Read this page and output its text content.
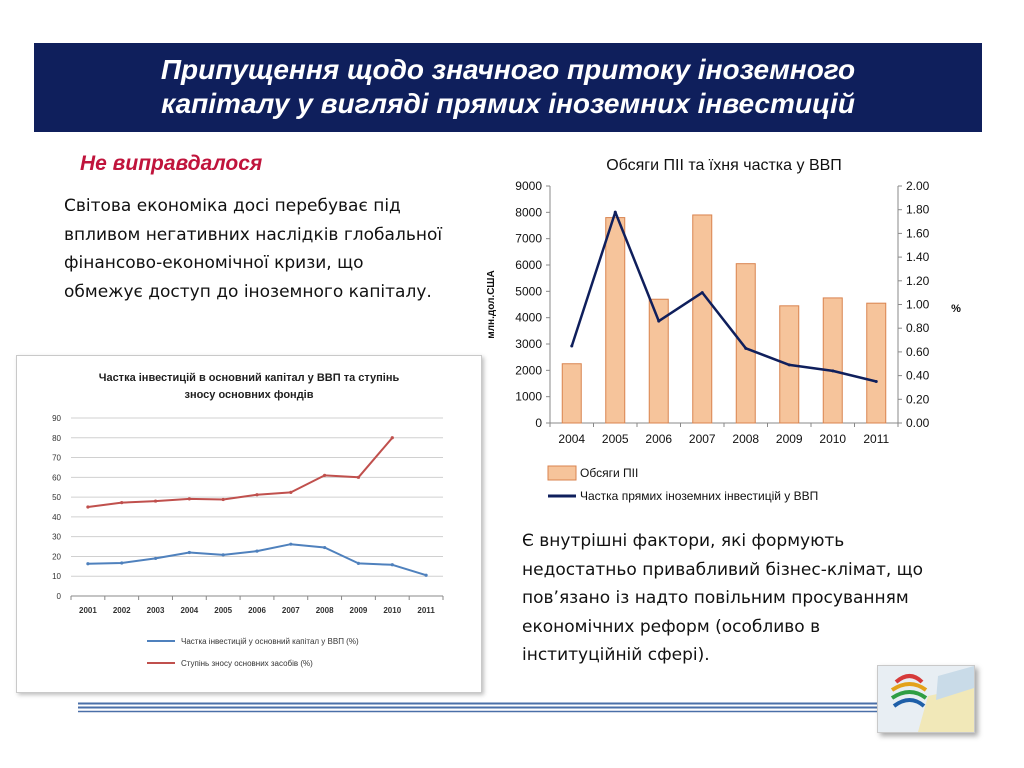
Припущення щодо значного притоку іноземного
капіталу у вигляді прямих іноземних інвестицій
Не виправдалося
Світова економіка досі перебуває під впливом негативних наслідків глобальної фінансово-економічної кризи, що обмежує доступ до іноземного капіталу.
Частка інвестицій в основний капітал у ВВП та ступінь
зносу основних фондів
0
10
20
30
40
50
60
70
80
90
2001 2002 2003 2004 2005 2006 2007 2008 2009 2010 2011
Частка інвестицій у основний капітал у ВВП (%)
Ступінь зносу основних засобів (%)
Обсяги ПІІ та їхня частка у ВВП
0
1000
2000
3000
4000
5000
6000
7000
8000
9000
0.00
0.20
0.40
0.60
0.80
1.00
1.20
1.40
1.60
1.80
2.00
млн.дол.США	%
2004 2005 2006 2007 2008 2009 2010 2011
Обсяги ПІІ
Частка прямих іноземних інвестицій у ВВП
Є внутрішні фактори, які формують недостатньо привабливий бізнес-клімат, що пов’язано із надто повільним просуванням економічних реформ (особливо в інституційній сфері).
